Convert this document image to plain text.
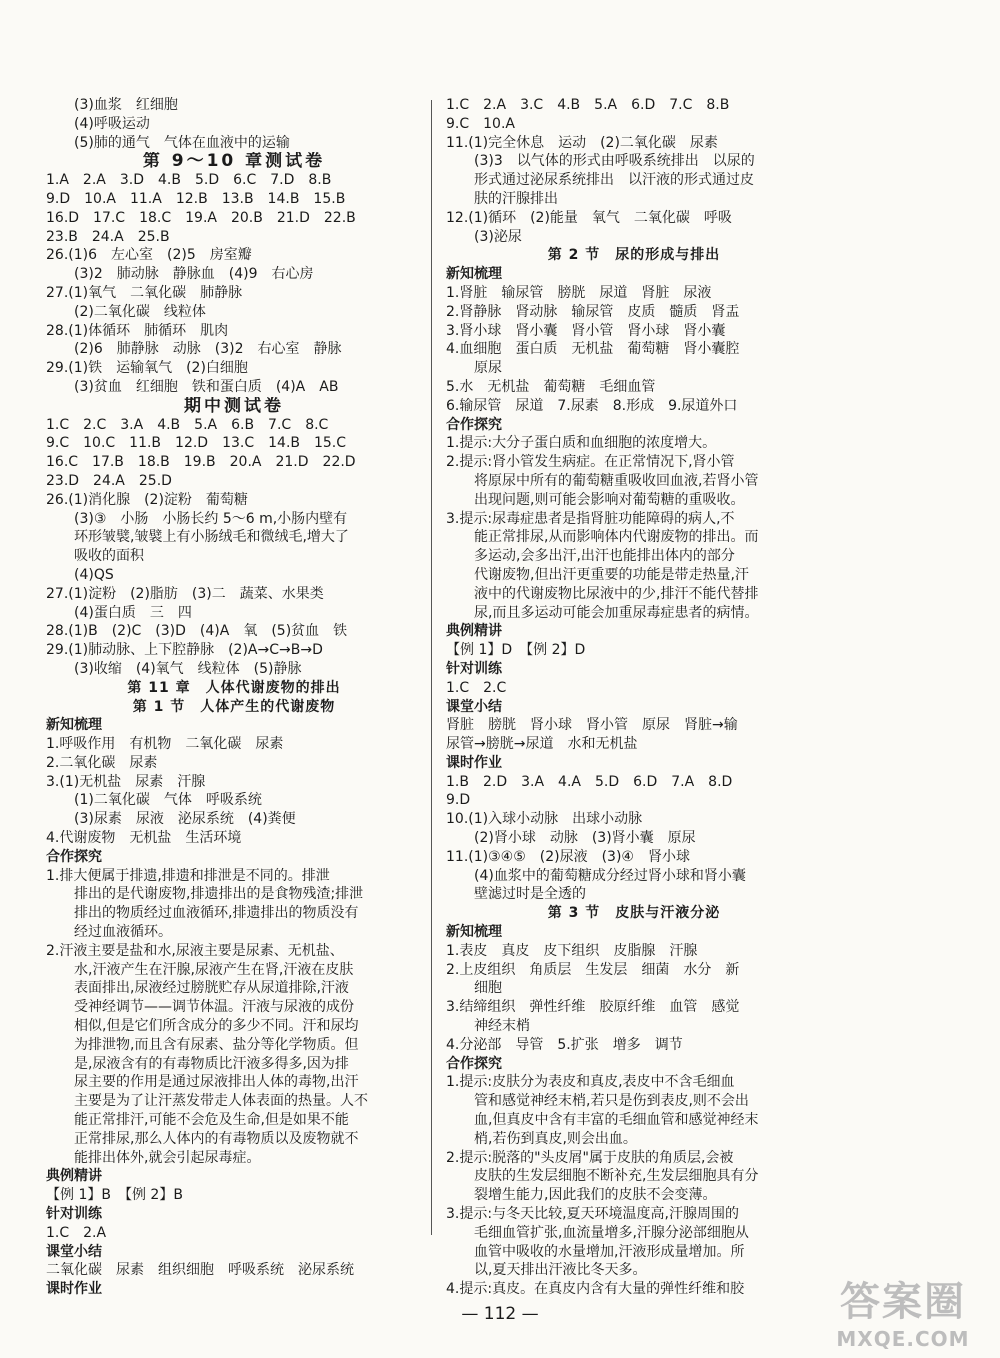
(3)血浆　红细胞
(4)呼吸运动
(5)肺的通气　气体在血液中的运输
第 9～10 章测试卷
1.A　2.A　3.D　4.B　5.D　6.C　7.D　8.B
9.D　10.A　11.A　12.B　13.B　14.B　15.B
16.D　17.C　18.C　19.A　20.B　21.D　22.B
23.B　24.A　25.B
26.(1)6　左心室　(2)5　房室瓣
(3)2　肺动脉　静脉血　(4)9　右心房
27.(1)氧气　二氧化碳　肺静脉
(2)二氧化碳　线粒体
28.(1)体循环　肺循环　肌肉
(2)6　肺静脉　动脉　(3)2　右心室　静脉
29.(1)铁　运输氧气　(2)白细胞
(3)贫血　红细胞　铁和蛋白质　(4)A　AB
期中测试卷
1.C　2.C　3.A　4.B　5.A　6.B　7.C　8.C
9.C　10.C　11.B　12.D　13.C　14.B　15.C
16.C　17.B　18.B　19.B　20.A　21.D　22.D
23.D　24.A　25.D
26.(1)消化腺　(2)淀粉　葡萄糖
(3)③　小肠　小肠长约 5～6 m,小肠内壁有
环形皱襞,皱襞上有小肠绒毛和微绒毛,增大了
吸收的面积
(4)QS
27.(1)淀粉　(2)脂肪　(3)二　蔬菜、水果类
(4)蛋白质　三　四
28.(1)B　(2)C　(3)D　(4)A　氧　(5)贫血　铁
29.(1)肺动脉、上下腔静脉　(2)A→C→B→D
(3)收缩　(4)氧气　线粒体　(5)静脉
第 11 章　人体代谢废物的排出
第 1 节　人体产生的代谢废物
新知梳理
1.呼吸作用　有机物　二氧化碳　尿素
2.二氧化碳　尿素
3.(1)无机盐　尿素　汗腺
(1)二氧化碳　气体　呼吸系统
(3)尿素　尿液　泌尿系统　(4)粪便
4.代谢废物　无机盐　生活环境
合作探究
1.排大便属于排遗,排遗和排泄是不同的。排泄
排出的是代谢废物,排遗排出的是食物残渣;排泄
排出的物质经过血液循环,排遗排出的物质没有
经过血液循环。
2.汗液主要是盐和水,尿液主要是尿素、无机盐、
水,汗液产生在汗腺,尿液产生在肾,汗液在皮肤
表面排出,尿液经过膀胱贮存从尿道排除,汗液
受神经调节——调节体温。汗液与尿液的成份
相似,但是它们所含成分的多少不同。汗和尿均
为排泄物,而且含有尿素、盐分等化学物质。但
是,尿液含有的有毒物质比汗液多得多,因为排
尿主要的作用是通过尿液排出人体的毒物,出汗
主要是为了让汗蒸发带走人体表面的热量。人不
能正常排汗,可能不会危及生命,但是如果不能
正常排尿,那么人体内的有毒物质以及废物就不
能排出体外,就会引起尿毒症。
典例精讲
【例 1】B　【例 2】B
针对训练
1.C　2.A
课堂小结
二氧化碳　尿素　组织细胞　呼吸系统　泌尿系统
课时作业
1.C　2.A　3.C　4.B　5.A　6.D　7.C　8.B
9.C　10.A
11.(1)完全休息　运动　(2)二氧化碳　尿素
(3)3　以气体的形式由呼吸系统排出　以尿的
形式通过泌尿系统排出　以汗液的形式通过皮
肤的汗腺排出
12.(1)循环　(2)能量　氧气　二氧化碳　呼吸
(3)泌尿
第 2 节　尿的形成与排出
新知梳理
1.肾脏　输尿管　膀胱　尿道　肾脏　尿液
2.肾静脉　肾动脉　输尿管　皮质　髓质　肾盂
3.肾小球　肾小囊　肾小管　肾小球　肾小囊
4.血细胞　蛋白质　无机盐　葡萄糖　肾小囊腔
原尿
5.水　无机盐　葡萄糖　毛细血管
6.输尿管　尿道　7.尿素　8.形成　9.尿道外口
合作探究
1.提示:大分子蛋白质和血细胞的浓度增大。
2.提示:肾小管发生病症。在正常情况下,肾小管
将原尿中所有的葡萄糖重吸收回血液,若肾小管
出现问题,则可能会影响对葡萄糖的重吸收。
3.提示:尿毒症患者是指肾脏功能障碍的病人,不
能正常排尿,从而影响体内代谢废物的排出。而
多运动,会多出汗,出汗也能排出体内的部分
代谢废物,但出汗更重要的功能是带走热量,汗
液中的代谢废物比尿液中的少,排汗不能代替排
尿,而且多运动可能会加重尿毒症患者的病情。
典例精讲
【例 1】D　【例 2】D
针对训练
1.C　2.C
课堂小结
肾脏　膀胱　肾小球　肾小管　原尿　肾脏→输
尿管→膀胱→尿道　水和无机盐
课时作业
1.B　2.D　3.A　4.A　5.D　6.D　7.A　8.D
9.D
10.(1)入球小动脉　出球小动脉
(2)肾小球　动脉　(3)肾小囊　原尿
11.(1)③④⑤　(2)尿液　(3)④　肾小球
(4)血浆中的葡萄糖成分经过肾小球和肾小囊
壁滤过时是全透的
第 3 节　皮肤与汗液分泌
新知梳理
1.表皮　真皮　皮下组织　皮脂腺　汗腺
2.上皮组织　角质层　生发层　细菌　水分　新
细胞
3.结缔组织　弹性纤维　胶原纤维　血管　感觉
神经末梢
4.分泌部　导管　5.扩张　增多　调节
合作探究
1.提示:皮肤分为表皮和真皮,表皮中不含毛细血
管和感觉神经末梢,若只是伤到表皮,则不会出
血,但真皮中含有丰富的毛细血管和感觉神经末
梢,若伤到真皮,则会出血。
2.提示:脱落的"头皮屑"属于皮肤的角质层,会被
皮肤的生发层细胞不断补充,生发层细胞具有分
裂增生能力,因此我们的皮肤不会变薄。
3.提示:与冬天比较,夏天环境温度高,汗腺周围的
毛细血管扩张,血流量增多,汗腺分泌部细胞从
血管中吸收的水量增加,汗液形成量增加。所
以,夏天排出汗液比冬天多。
4.提示:真皮。在真皮内含有大量的弹性纤维和胶
— 112 —	答案圈
MXQE.COM
